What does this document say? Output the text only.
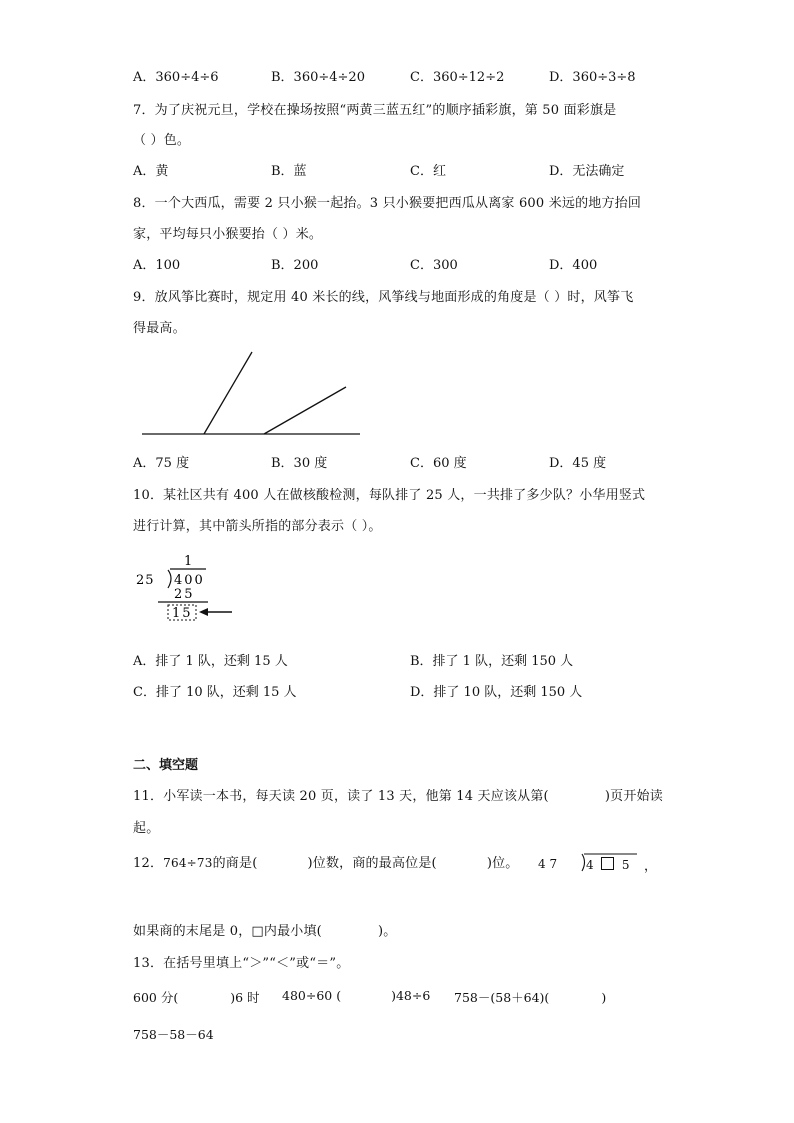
A．360÷4÷6	B．360÷4÷20	C．360÷12÷2	D．360÷3÷8
7．为了庆祝元旦，学校在操场按照“两黄三蓝五红”的顺序插彩旗，第 50 面彩旗是
（ ）色。
A．黄	B．蓝	C．红	D．无法确定
8．一个大西瓜，需要 2 只小猴一起抬。3 只小猴要把西瓜从离家 600 米远的地方抬回
家，平均每只小猴要抬（ ）米。
A．100	B．200	C．300	D．400
9．放风筝比赛时，规定用 40 米长的线，风筝线与地面形成的角度是（ ）时，风筝飞
得最高。
A．75 度	B．30 度	C．60 度	D．45 度
10．某社区共有 400 人在做核酸检测，每队排了 25 人，一共排了多少队？小华用竖式
进行计算，其中箭头所指的部分表示（ ）。
1
25 400
25
15
A．排了 1 队，还剩 15 人	B．排了 1 队，还剩 150 人
C．排了 10 队，还剩 15 人	D．排了 10 队，还剩 150 人
二、填空题
11．小军读一本书，每天读 20 页，读了 13 天，他第 14 天应该从第(	)页开始读
起。
12．764÷73的商是(	)位数，商的最高位是(	)位。 4 7 4 5 ，
如果商的末尾是 0，□内最小填(	)。
13．在括号里填上“＞”“＜”或“＝”。
600 分(	)6 时 480÷60 (	)48÷6 758－(58＋64)(	)
758－58－64
